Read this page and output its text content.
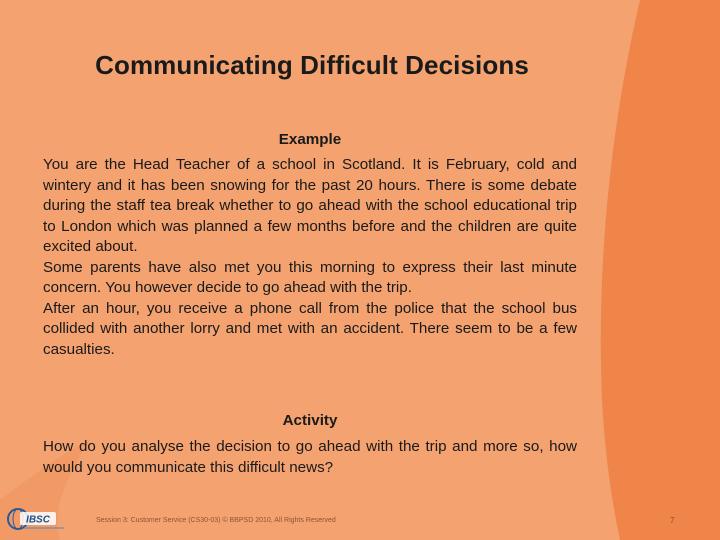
Communicating Difficult Decisions
Example

You are the Head Teacher of a school in Scotland. It is February, cold and wintery and it has been snowing for the past 20 hours. There is some debate during the staff tea break whether to go ahead with the school educational trip to London which was planned a few months before and the children are quite excited about.

Some parents have also met you this morning to express their last minute concern. You however decide to go ahead with the trip.

After an hour, you receive a phone call from the police that the school bus collided with another lorry and met with an accident. There seem to be a few casualties.

Activity

How do you analyse the decision to go ahead with the trip and more so, how would you communicate this difficult news?

IBSC	Session 3: Customer Service (CS30-03) © BBPSD 2010, All Rights Reserved	7
